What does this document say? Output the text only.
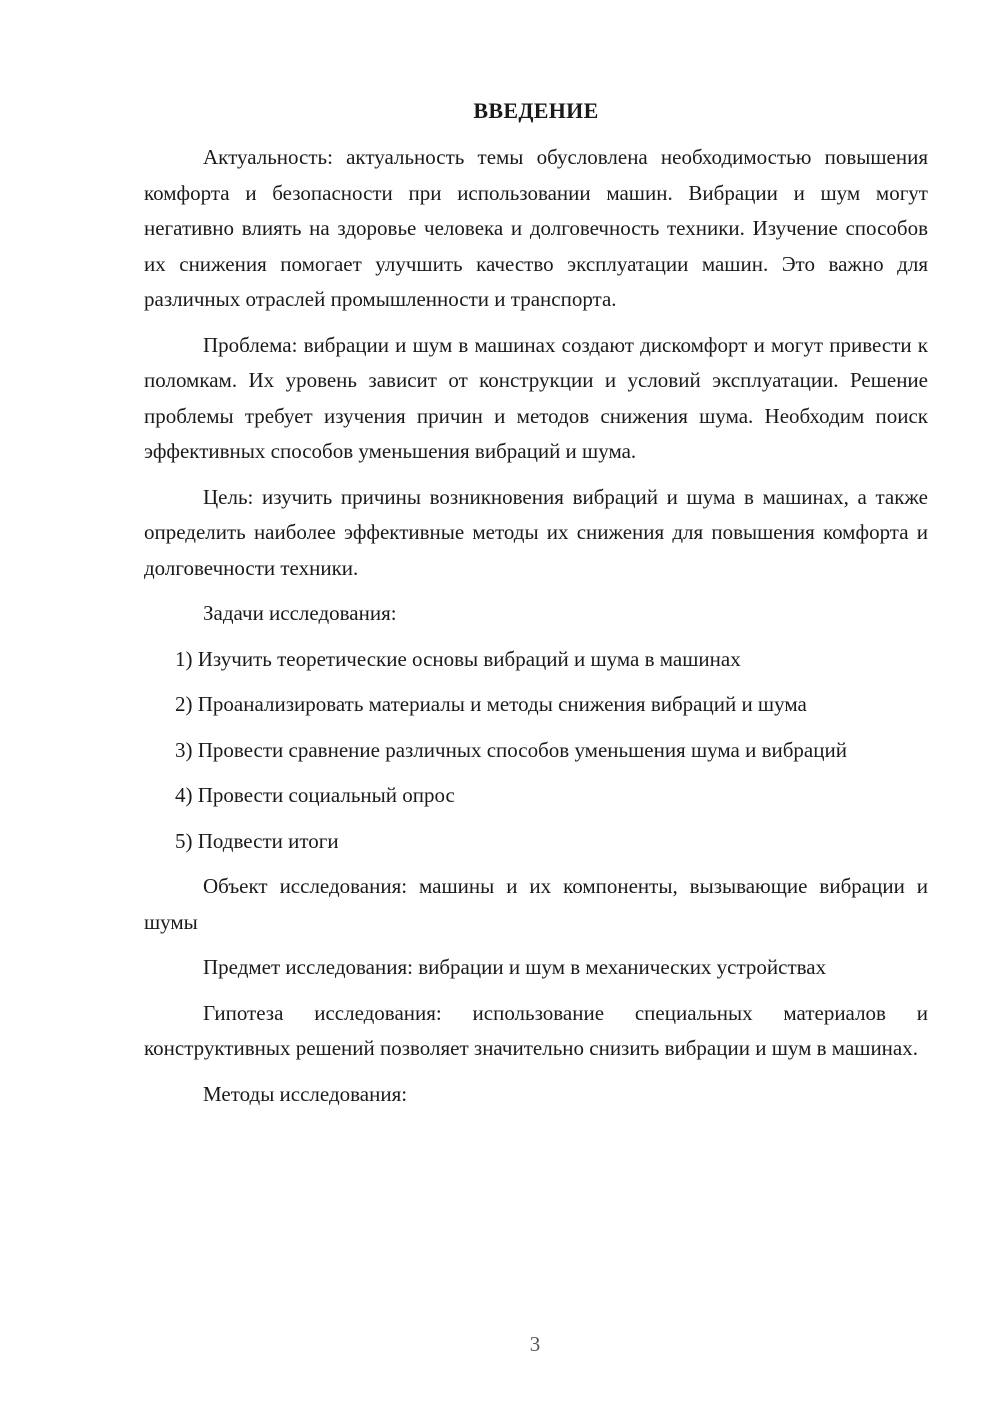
ВВЕДЕНИЕ

Актуальность: актуальность темы обусловлена необходимостью повышения комфорта и безопасности при использовании машин. Вибрации и шум могут негативно влиять на здоровье человека и долговечность техники. Изучение способов их снижения помогает улучшить качество эксплуатации машин. Это важно для различных отраслей промышленности и транспорта.

Проблема: вибрации и шум в машинах создают дискомфорт и могут привести к поломкам. Их уровень зависит от конструкции и условий эксплуатации. Решение проблемы требует изучения причин и методов снижения шума. Необходим поиск эффективных способов уменьшения вибраций и шума.

Цель: изучить причины возникновения вибраций и шума в машинах, а также определить наиболее эффективные методы их снижения для повышения комфорта и долговечности техники.

Задачи исследования:

1) Изучить теоретические основы вибраций и шума в машинах

2) Проанализировать материалы и методы снижения вибраций и шума

3) Провести сравнение различных способов уменьшения шума и вибраций

4) Провести социальный опрос

5) Подвести итоги

Объект исследования: машины и их компоненты, вызывающие вибрации и шумы

Предмет исследования: вибрации и шум в механических устройствах

Гипотеза исследования: использование специальных материалов и конструктивных решений позволяет значительно снизить вибрации и шум в машинах.

Методы исследования:

3
